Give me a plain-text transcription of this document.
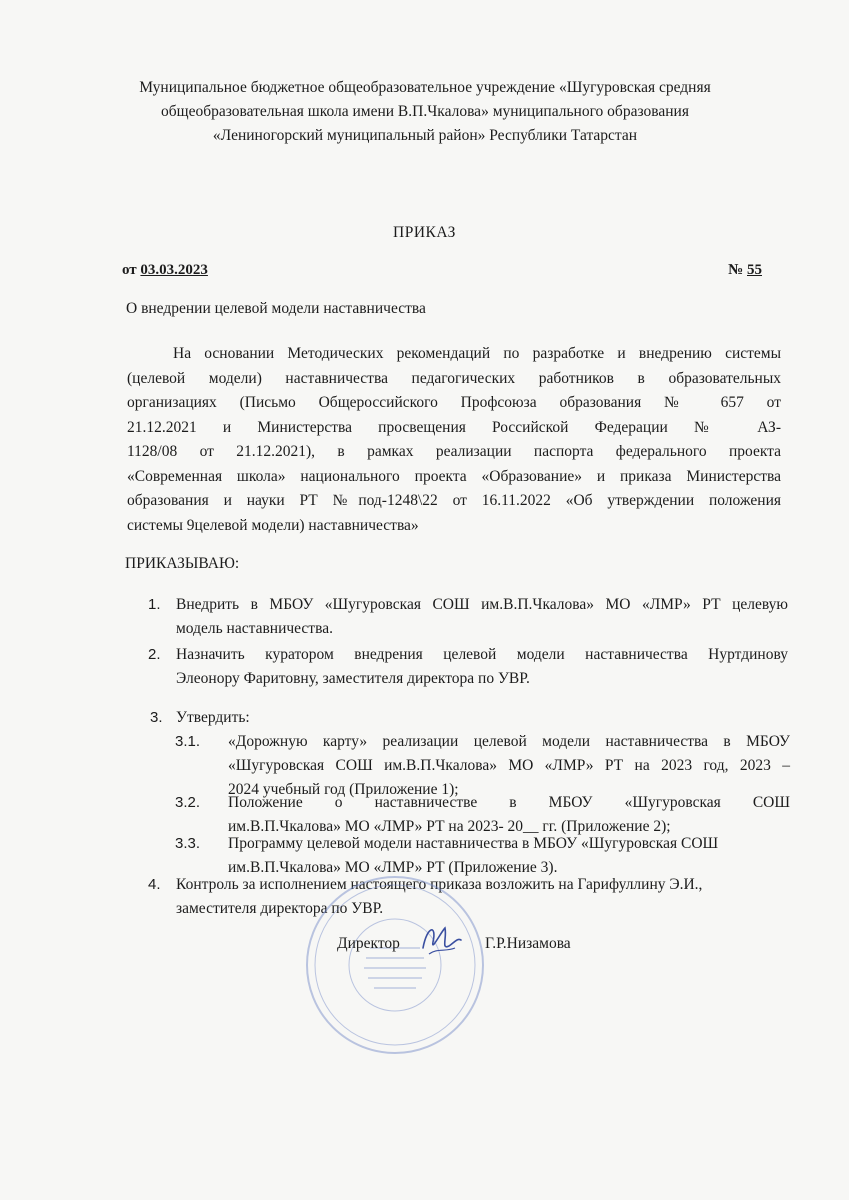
Муниципальное бюджетное общеобразовательное учреждение «Шугуровская средняя
общеобразовательная школа имени В.П.Чкалова» муниципального образования
«Лениногорский муниципальный район» Республики Татарстан
ПРИКАЗ
от 03.03.2023	№ 55
О внедрении целевой модели наставничества
На основании Методических рекомендаций по разработке и внедрению системы
(целевой модели) наставничества педагогических работников в образовательных
организациях (Письмо Общероссийского Профсоюза образования № 657 от
21.12.2021 и Министерства просвещения Российской Федерации № АЗ-
1128/08 от 21.12.2021), в рамках реализации паспорта федерального проекта
«Современная школа» национального проекта «Образование» и приказа Министерства
образования и науки РТ №под-1248\22 от 16.11.2022 «Об утверждении положения
системы 9целевой модели) наставничества»
ПРИКАЗЫВАЮ:
1. Внедрить в МБОУ «Шугуровская СОШ им.В.П.Чкалова» МО «ЛМР» РТ целевую
модель наставничества.
2. Назначить куратором внедрения целевой модели наставничества Нуртдинову
Элеонору Фаритовну, заместителя директора по УВР.
3. Утвердить:
3.1. «Дорожную карту» реализации целевой модели наставничества в МБОУ
«Шугуровская СОШ им.В.П.Чкалова» МО «ЛМР» РТ на 2023 год, 2023 –
2024 учебный год (Приложение 1);
3.2. Положение о наставничестве в МБОУ «Шугуровская СОШ
им.В.П.Чкалова» МО «ЛМР» РТ на 2023- 20__ гг. (Приложение 2);
3.3. Программу целевой модели наставничества в МБОУ «Шугуровская СОШ
им.В.П.Чкалова» МО «ЛМР» РТ (Приложение 3).
4. Контроль за исполнением настоящего приказа возложить на Гарифуллину Э.И.,
заместителя директора по УВР.
Директор	Г.Р.Низамова
